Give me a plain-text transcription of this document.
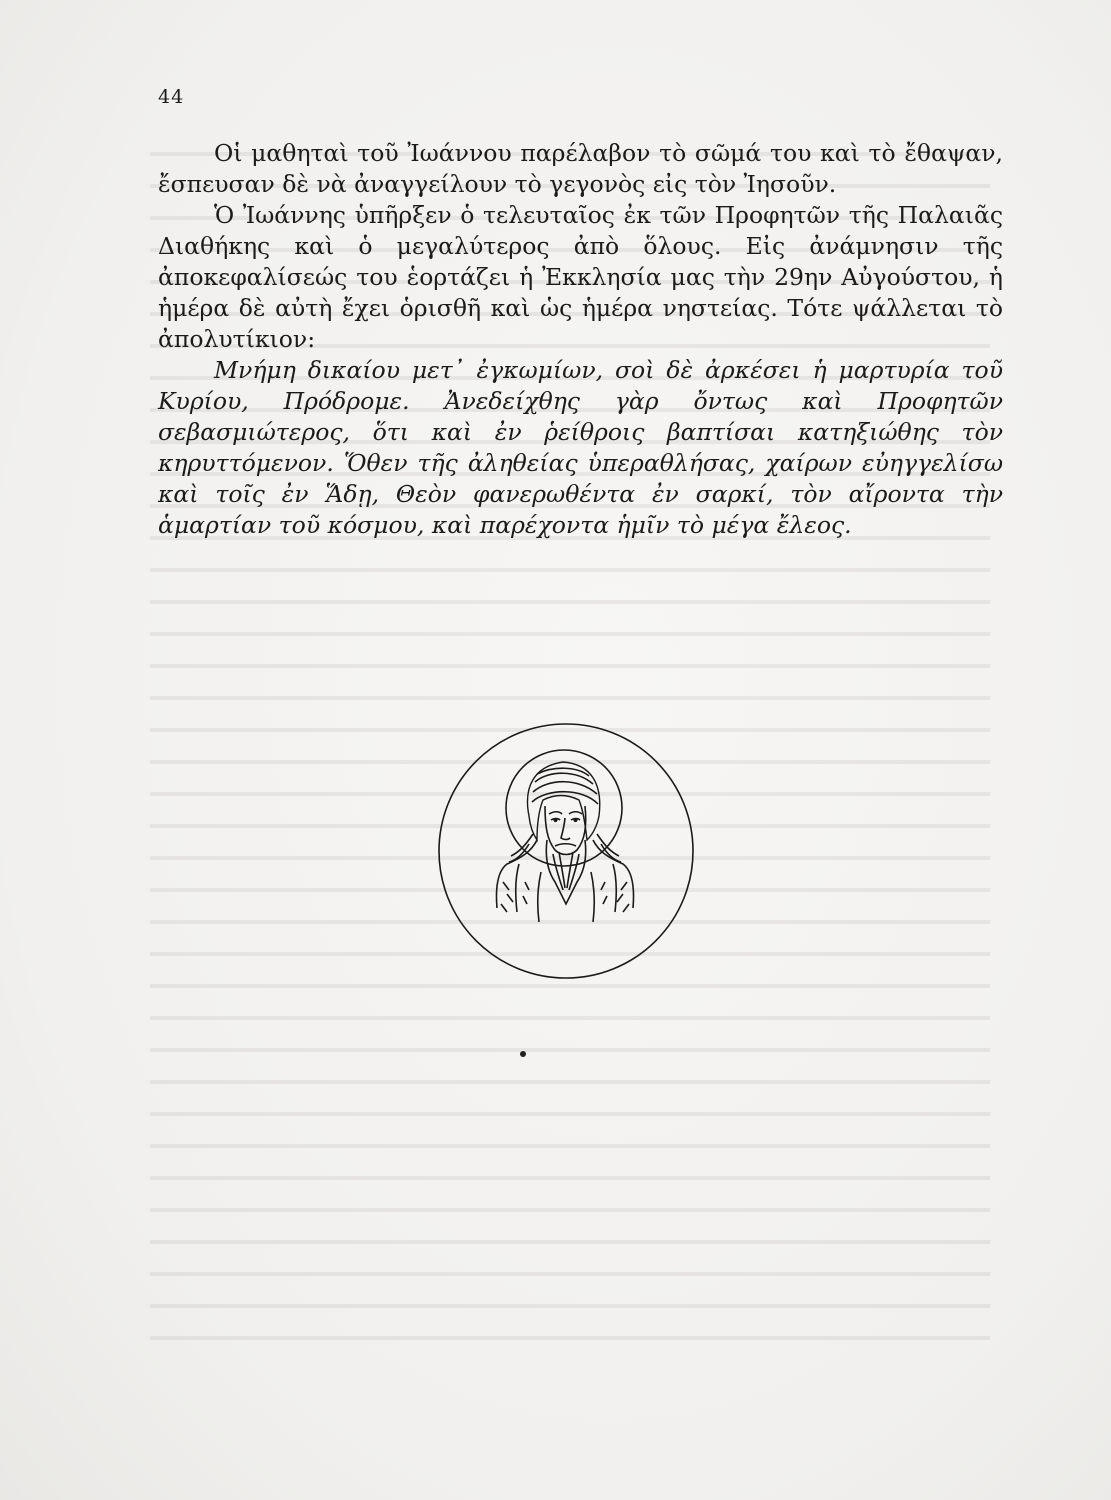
44

Οἱ μαθηταὶ τοῦ Ἰωάννου παρέλαβον τὸ σῶμά του καὶ τὸ ἔθαψαν, ἔσπευσαν δὲ νὰ ἀναγγείλουν τὸ γεγονὸς εἰς τὸν Ἰησοῦν.

Ὁ Ἰωάννης ὑπῆρξεν ὁ τελευταῖος ἐκ τῶν Προφητῶν τῆς Παλαιᾶς Διαθήκης καὶ ὁ μεγαλύτερος ἀπὸ ὅλους. Εἰς ἀνάμνησιν τῆς ἀποκεφαλίσεώς του ἑορτάζει ἡ Ἐκκλησία μας τὴν 29ην Αὐγούστου, ἡ ἡμέρα δὲ αὐτὴ ἔχει ὁρισθῆ καὶ ὡς ἡμέρα νηστείας. Τότε ψάλλεται τὸ ἀπολυτίκιον:

Μνήμη δικαίου μετ᾽ ἐγκωμίων, σοὶ δὲ ἀρκέσει ἡ μαρτυρία τοῦ Κυρίου, Πρόδρομε. Ἀνεδείχθης γὰρ ὄντως καὶ Προφητῶν σεβασμιώτερος, ὅτι καὶ ἐν ῥείθροις βαπτίσαι κατηξιώθης τὸν κηρυττόμενον. Ὅθεν τῆς ἀληθείας ὑπεραθλήσας, χαίρων εὐηγγελίσω καὶ τοῖς ἐν Ἅδῃ, Θεὸν φανερωθέντα ἐν σαρκί, τὸν αἴροντα τὴν ἁμαρτίαν τοῦ κόσμου, καὶ παρέχοντα ἡμῖν τὸ μέγα ἔλεος.
